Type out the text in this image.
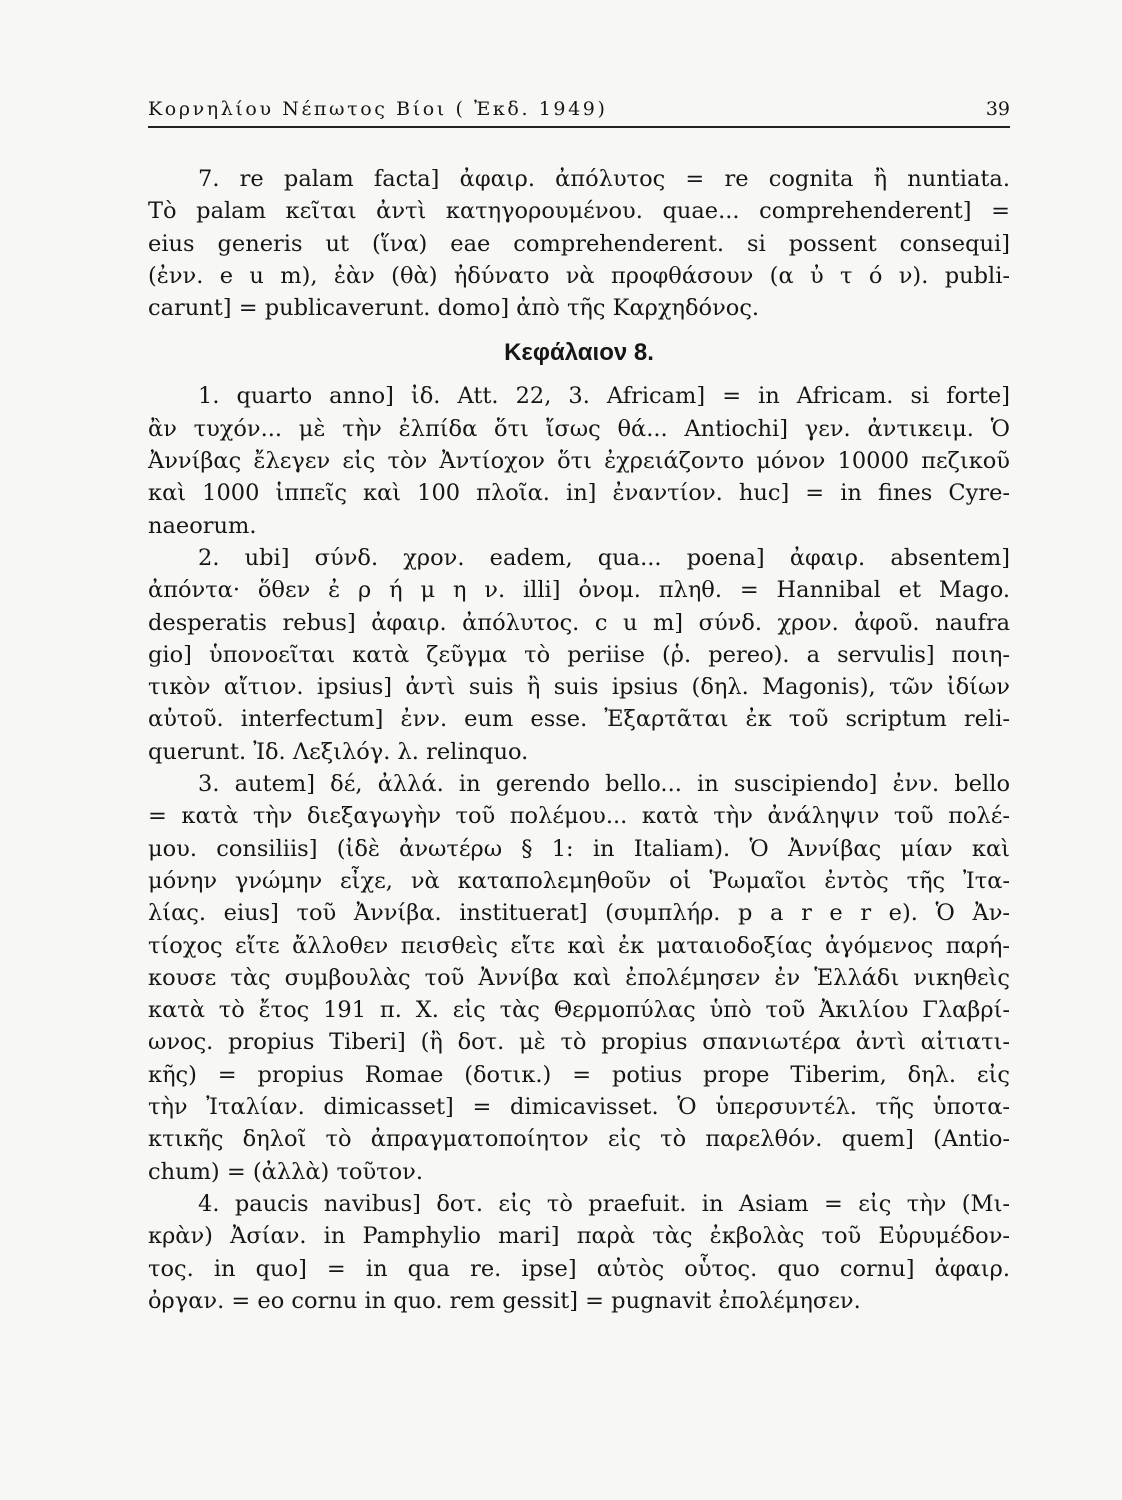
Κορνηλίου Νέπωτος Βίοι ( Ἐκδ. 1949)	39
7. re palam facta] ἀφαιρ. ἀπόλυτος = re cognita ἢ nuntiata.
Τὸ palam κεῖται ἀντὶ κατηγορουμένου. quae... comprehenderent] =
eius generis ut (ἵνα) eae comprehenderent. si possent consequi]
(ἐνν. e u m), ἐὰν (θὰ) ἠδύνατο νὰ προφθάσουν (α ὐ τ ό ν). publi-
carunt] = publicaverunt. domo] ἀπὸ τῆς Καρχηδόνος.
Κεφάλαιον 8.
1. quarto anno] ἰδ. Att. 22, 3. Africam] = in Africam. si forte]
ἂν τυχόν... μὲ τὴν ἐλπίδα ὅτι ἴσως θά... Antiochi] γεν. ἀντικειμ. Ὁ
Ἀννίβας ἔλεγεν εἰς τὸν Ἀντίοχον ὅτι ἐχρειάζοντο μόνον 10000 πεζικοῦ
καὶ 1000 ἱππεῖς καὶ 100 πλοῖα. in] ἐναντίον. huc] = in fines Cyre-
naeorum.
2. ubi] σύνδ. χρον. eadem, qua... poena] ἀφαιρ. absentem]
ἀπόντα· ὅθεν ἐ ρ ή μ η ν. illi] ὀνομ. πληθ. = Hannibal et Mago.
desperatis rebus] ἀφαιρ. ἀπόλυτος. c u m] σύνδ. χρον. ἀφοῦ. naufra
gio] ὑπονοεῖται κατὰ ζεῦγμα τὸ periise (ῥ. pereo). a servulis] ποιη-
τικὸν αἴτιον. ipsius] ἀντὶ suis ἢ suis ipsius (δηλ. Magonis), τῶν ἰδίων
αὐτοῦ. interfectum] ἐνν. eum esse. Ἐξαρτᾶται ἐκ τοῦ scriptum reli-
querunt. Ἰδ. Λεξιλόγ. λ. relinquo.
3. autem] δέ, ἀλλά. in gerendo bello... in suscipiendo] ἐνν. bello
= κατὰ τὴν διεξαγωγὴν τοῦ πολέμου... κατὰ τὴν ἀνάληψιν τοῦ πολέ-
μου. consiliis] (ἰδὲ ἀνωτέρω § 1: in Italiam). Ὁ Ἀννίβας μίαν καὶ
μόνην γνώμην εἶχε, νὰ καταπολεμηθοῦν οἱ Ῥωμαῖοι ἐντὸς τῆς Ἰτα-
λίας. eius] τοῦ Ἀννίβα. instituerat] (συμπλήρ. p a r e r e). Ὁ Ἀν-
τίοχος εἴτε ἄλλοθεν πεισθεὶς εἴτε καὶ ἐκ ματαιοδοξίας ἀγόμενος παρή-
κουσε τὰς συμβουλὰς τοῦ Ἀννίβα καὶ ἐπολέμησεν ἐν Ἑλλάδι νικηθεὶς
κατὰ τὸ ἔτος 191 π. Χ. εἰς τὰς Θερμοπύλας ὑπὸ τοῦ Ἀκιλίου Γλαβρί-
ωνος. propius Tiberi] (ἢ δοτ. μὲ τὸ propius σπανιωτέρα ἀντὶ αἰτιατι-
κῆς) = propius Romae (δοτικ.) = potius prope Tiberim, δηλ. εἰς
τὴν Ἰταλίαν. dimicasset] = dimicavisset. Ὁ ὑπερσυντέλ. τῆς ὑποτα-
κτικῆς δηλοῖ τὸ ἀπραγματοποίητον εἰς τὸ παρελθόν. quem] (Antio-
chum) = (ἀλλὰ) τοῦτον.
4. paucis navibus] δοτ. εἰς τὸ praefuit. in Asiam = εἰς τὴν (Μι-
κρὰν) Ἀσίαν. in Pamphylio mari] παρὰ τὰς ἐκβολὰς τοῦ Εὐρυμέδον-
τος. in quo] = in qua re. ipse] αὐτὸς οὗτος. quo cornu] ἀφαιρ.
ὀργαν. = eo cornu in quo. rem gessit] = pugnavit ἐπολέμησεν.
